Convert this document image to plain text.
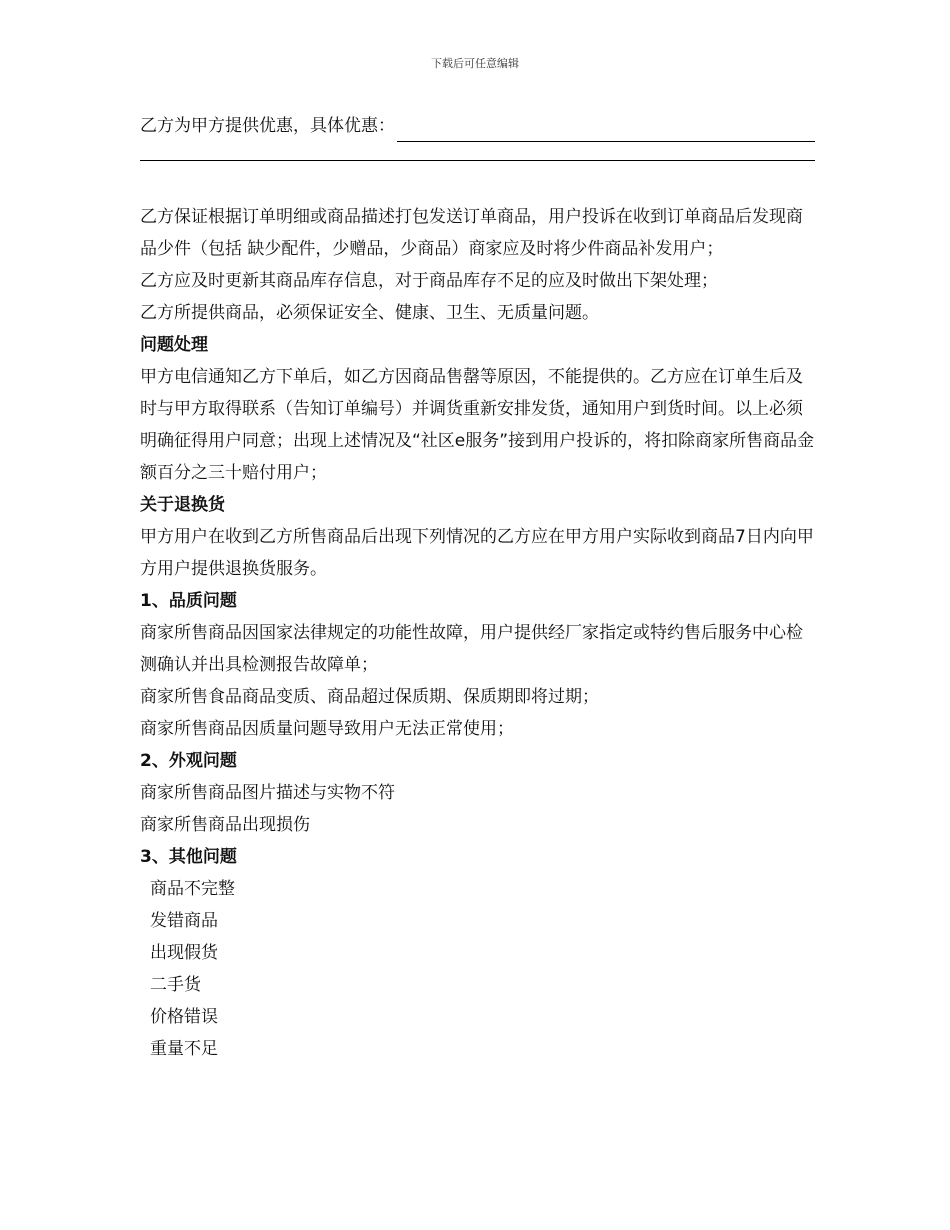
下载后可任意编辑
乙方为甲方提供优惠，具体优惠：

乙方保证根据订单明细或商品描述打包发送订单商品，用户投诉在收到订单商品后发现商品少件（包括 缺少配件，少赠品，少商品）商家应及时将少件商品补发用户；

乙方应及时更新其商品库存信息，对于商品库存不足的应及时做出下架处理；

乙方所提供商品，必须保证安全、健康、卫生、无质量问题。

问题处理

甲方电信通知乙方下单后，如乙方因商品售罄等原因，不能提供的。乙方应在订单生后及时与甲方取得联系（告知订单编号）并调货重新安排发货，通知用户到货时间。以上必须明确征得用户同意；出现上述情况及“社区e服务”接到用户投诉的，将扣除商家所售商品金额百分之三十赔付用户；

关于退换货

甲方用户在收到乙方所售商品后出现下列情况的乙方应在甲方用户实际收到商品7日内向甲方用户提供退换货服务。

1、品质问题

商家所售商品因国家法律规定的功能性故障，用户提供经厂家指定或特约售后服务中心检测确认并出具检测报告故障单；

商家所售食品商品变质、商品超过保质期、保质期即将过期；

商家所售商品因质量问题导致用户无法正常使用；

2、外观问题

商家所售商品图片描述与实物不符

商家所售商品出现损伤

3、其他问题

商品不完整

发错商品

出现假货

二手货

价格错误

重量不足
